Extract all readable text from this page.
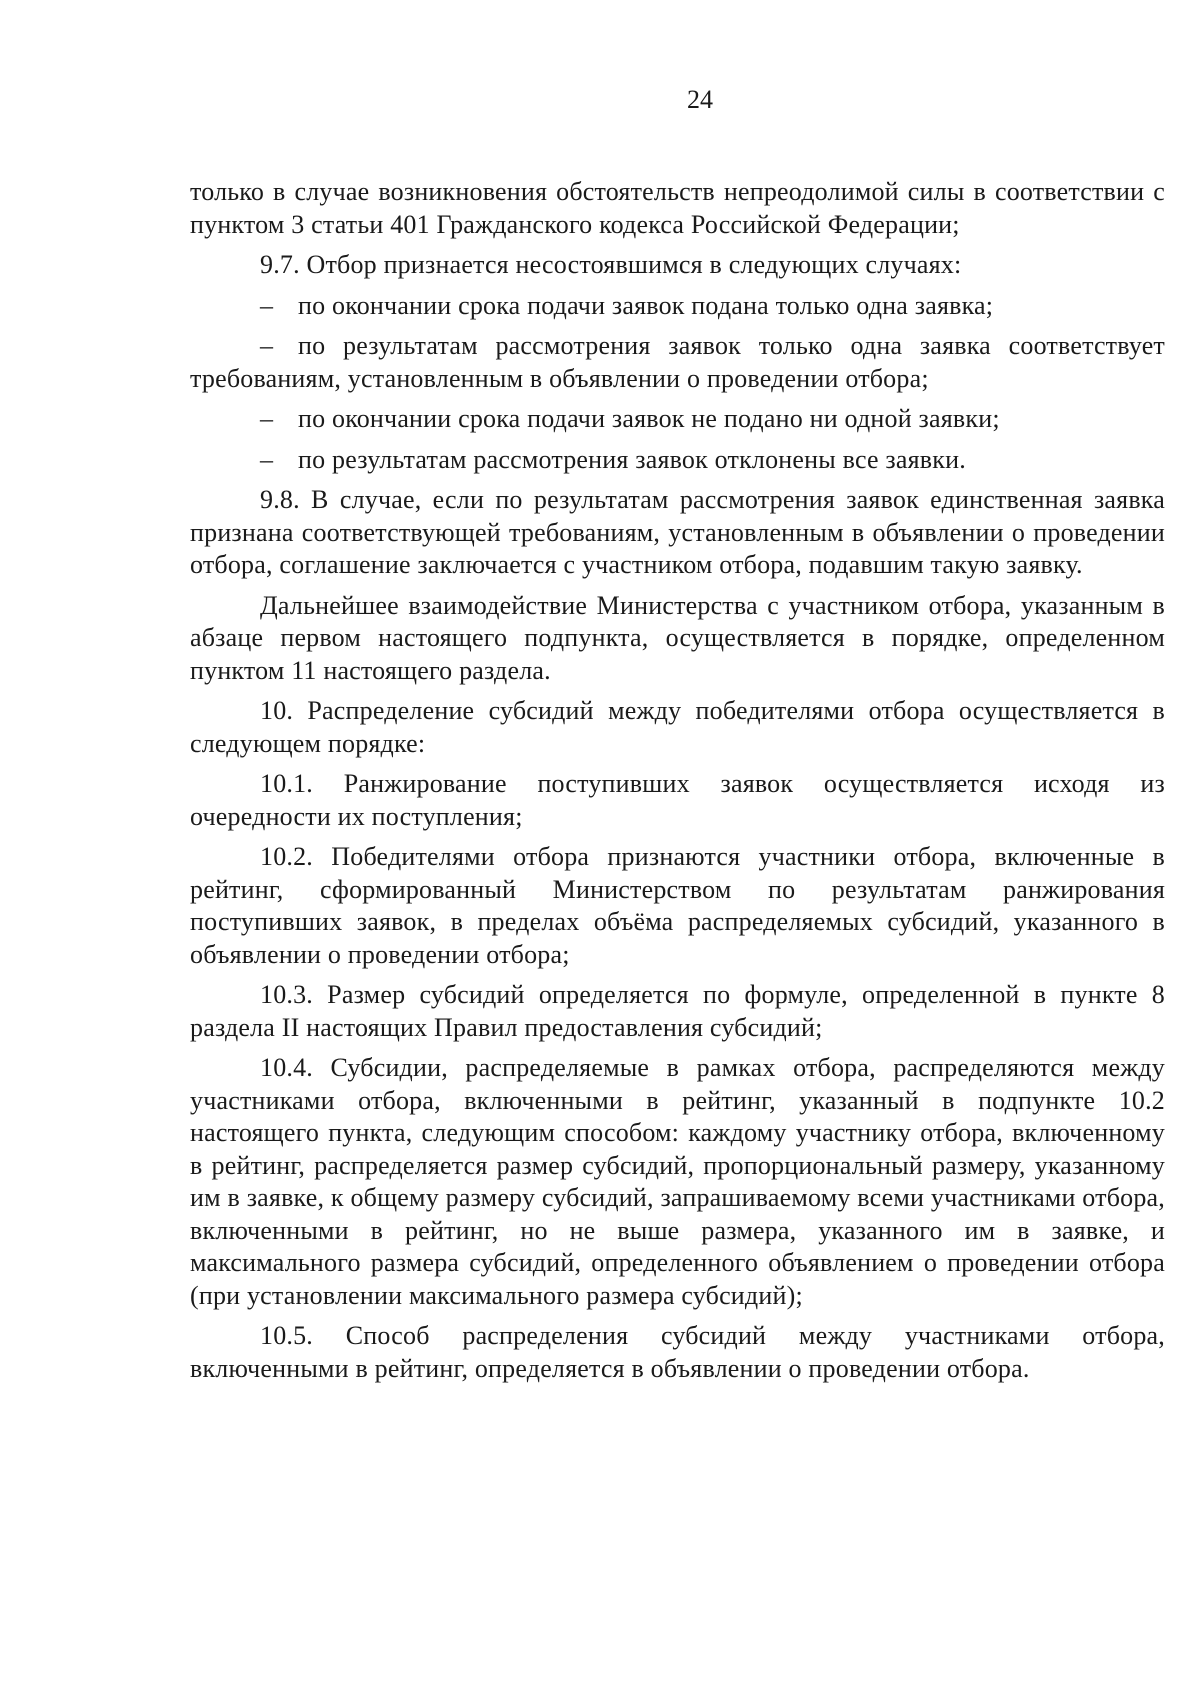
24

только в случае возникновения обстоятельств непреодолимой силы в соответствии с пунктом 3 статьи 401 Гражданского кодекса Российской Федерации;

9.7. Отбор признается несостоявшимся в следующих случаях:

– по окончании срока подачи заявок подана только одна заявка;

– по результатам рассмотрения заявок только одна заявка соответствует требованиям, установленным в объявлении о проведении отбора;

– по окончании срока подачи заявок не подано ни одной заявки;

– по результатам рассмотрения заявок отклонены все заявки.

9.8. В случае, если по результатам рассмотрения заявок единственная заявка признана соответствующей требованиям, установленным в объявлении о проведении отбора, соглашение заключается с участником отбора, подавшим такую заявку.

Дальнейшее взаимодействие Министерства с участником отбора, указанным в абзаце первом настоящего подпункта, осуществляется в порядке, определенном пунктом 11 настоящего раздела.

10. Распределение субсидий между победителями отбора осуществляется в следующем порядке:

10.1. Ранжирование поступивших заявок осуществляется исходя из очередности их поступления;

10.2. Победителями отбора признаются участники отбора, включенные в рейтинг, сформированный Министерством по результатам ранжирования поступивших заявок, в пределах объёма распределяемых субсидий, указанного в объявлении о проведении отбора;

10.3. Размер субсидий определяется по формуле, определенной в пункте 8 раздела II настоящих Правил предоставления субсидий;

10.4. Субсидии, распределяемые в рамках отбора, распределяются между участниками отбора, включенными в рейтинг, указанный в подпункте 10.2 настоящего пункта, следующим способом: каждому участнику отбора, включенному в рейтинг, распределяется размер субсидий, пропорциональный размеру, указанному им в заявке, к общему размеру субсидий, запрашиваемому всеми участниками отбора, включенными в рейтинг, но не выше размера, указанного им в заявке, и максимального размера субсидий, определенного объявлением о проведении отбора (при установлении максимального размера субсидий);

10.5. Способ распределения субсидий между участниками отбора, включенными в рейтинг, определяется в объявлении о проведении отбора.
